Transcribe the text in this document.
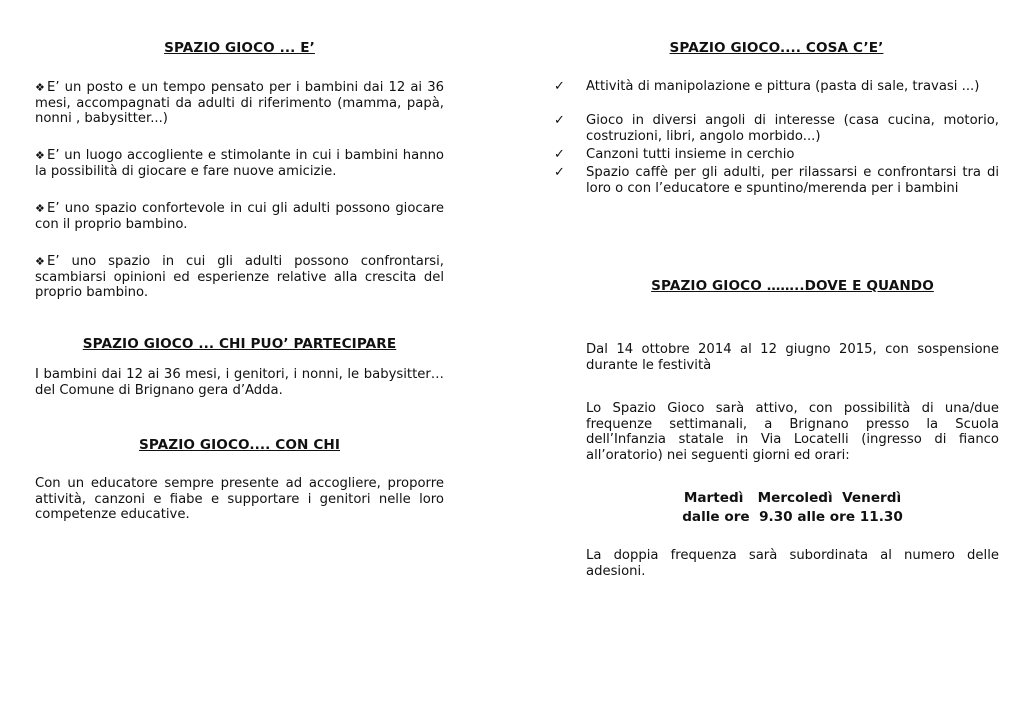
SPAZIO GIOCO ... E’

❖ E’ un posto e un tempo pensato per i bambini dai 12 ai 36 mesi, accompagnati da adulti di riferimento (mamma, papà, nonni , babysitter...)

❖ E’ un luogo accogliente e stimolante in cui i bambini hanno la possibilità di giocare e fare nuove amicizie.

❖ E’ uno spazio confortevole in cui gli adulti possono giocare con il proprio bambino.

❖ E’ uno spazio in cui gli adulti possono confrontarsi, scambiarsi opinioni ed esperienze relative alla crescita del proprio bambino.

SPAZIO GIOCO ... CHI PUO’ PARTECIPARE

I bambini dai 12 ai 36 mesi, i genitori, i nonni, le babysitter… del Comune di Brignano gera d’Adda.

SPAZIO GIOCO.... CON CHI

Con un educatore sempre presente ad accogliere, proporre attività, canzoni e fiabe e supportare i genitori nelle loro competenze educative.

SPAZIO GIOCO.... COSA C’E’
✓ Attività di manipolazione e pittura (pasta di sale, travasi ...)
✓ Gioco in diversi angoli di interesse (casa cucina, motorio, costruzioni, libri, angolo morbido...)
✓ Canzoni tutti insieme in cerchio
✓ Spazio caffè per gli adulti, per rilassarsi e confrontarsi tra di loro o con l’educatore e spuntino/merenda per i bambini
SPAZIO GIOCO ……..DOVE E QUANDO

Dal 14 ottobre 2014 al 12 giugno 2015, con sospensione durante le festività

Lo Spazio Gioco sarà attivo, con possibilità di una/due frequenze settimanali, a Brignano presso la Scuola dell’Infanzia statale in Via Locatelli (ingresso di fianco all’oratorio) nei seguenti giorni ed orari:

Martedì   Mercoledì  Venerdì
dalle ore  9.30 alle ore 11.30

La doppia frequenza sarà subordinata al numero delle adesioni.
